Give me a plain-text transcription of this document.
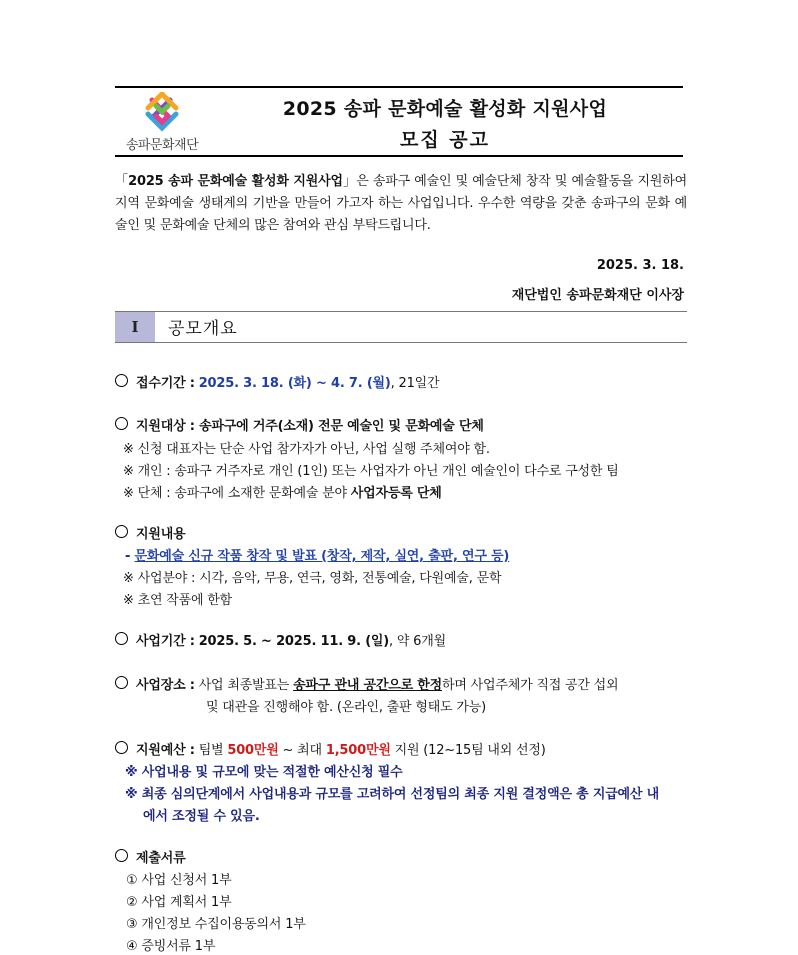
송파문화재단
2025 송파 문화예술 활성화 지원사업
모집 공고
「2025 송파 문화예술 활성화 지원사업」은 송파구 예술인 및 예술단체 창작 및 예술활동을 지원하여 지역 문화예술 생태계의 기반을 만들어 가고자 하는 사업입니다. 우수한 역량을 갖춘 송파구의 문화 예술인 및 문화예술 단체의 많은 참여와 관심 부탁드립니다.
2025. 3. 18.
재단법인 송파문화재단 이사장
Ⅰ	공모개요
접수기간 : 2025. 3. 18. (화) ~ 4. 7. (월), 21일간
지원대상 : 송파구에 거주(소재) 전문 예술인 및 문화예술 단체
※ 신청 대표자는 단순 사업 참가자가 아닌, 사업 실행 주체여야 함.
※ 개인 : 송파구 거주자로 개인 (1인) 또는 사업자가 아닌 개인 예술인이 다수로 구성한 팀
※ 단체 : 송파구에 소재한 문화예술 분야 사업자등록 단체
지원내용
- 문화예술 신규 작품 창작 및 발표 (창작, 제작, 실연, 출판, 연구 등)
※ 사업분야 : 시각, 음악, 무용, 연극, 영화, 전통예술, 다원예술, 문학
※ 초연 작품에 한함
사업기간 : 2025. 5. ~ 2025. 11. 9. (일), 약 6개월
사업장소 : 사업 최종발표는 송파구 관내 공간으로 한정하며 사업주체가 직접 공간 섭외
및 대관을 진행해야 함. (온라인, 출판 형태도 가능)
지원예산 : 팀별 500만원 ~ 최대 1,500만원 지원 (12~15팀 내외 선정)
※ 사업내용 및 규모에 맞는 적절한 예산신청 필수
※ 최종 심의단계에서 사업내용과 규모를 고려하여 선정팀의 최종 지원 결정액은 총 지급예산 내
에서 조정될 수 있음.
제출서류
① 사업 신청서 1부
② 사업 계획서 1부
③ 개인정보 수집이용동의서 1부
④ 증빙서류 1부
